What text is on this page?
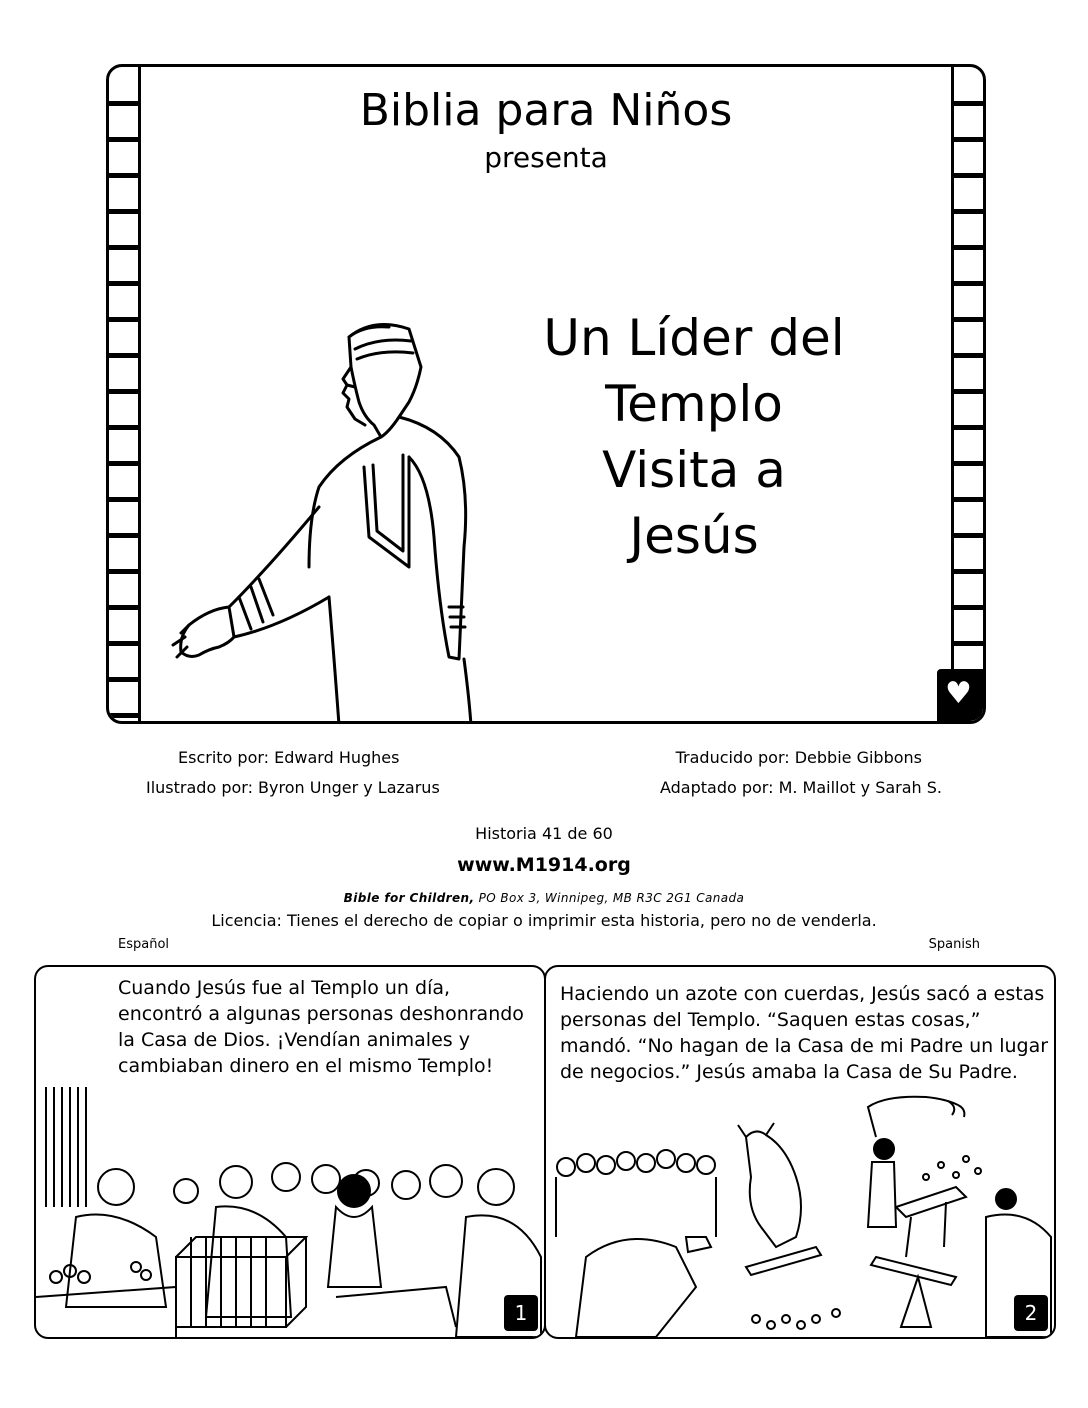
Biblia para Niños
presenta
Un Líder del
Templo
Visita a
Jesús
♥
Escrito por: Edward Hughes
Ilustrado por: Byron Unger y Lazarus
Traducido por: Debbie Gibbons
Adaptado por: M. Maillot y Sarah S.
Historia 41 de 60
www.M1914.org
Bible for Children, PO Box 3, Winnipeg, MB R3C 2G1 Canada
Licencia: Tienes el derecho de copiar o imprimir esta historia, pero no de venderla.
Español	Spanish
Cuando Jesús fue al Templo un día, encontró a algunas personas deshonrando la Casa de Dios. ¡Vendían animales y cambiaban dinero en el mismo Templo!
1
Haciendo un azote con cuerdas, Jesús sacó a estas personas del Templo. “Saquen estas cosas,” mandó. “No hagan de la Casa de mi Padre un lugar de negocios.” Jesús amaba la Casa de Su Padre.
2
